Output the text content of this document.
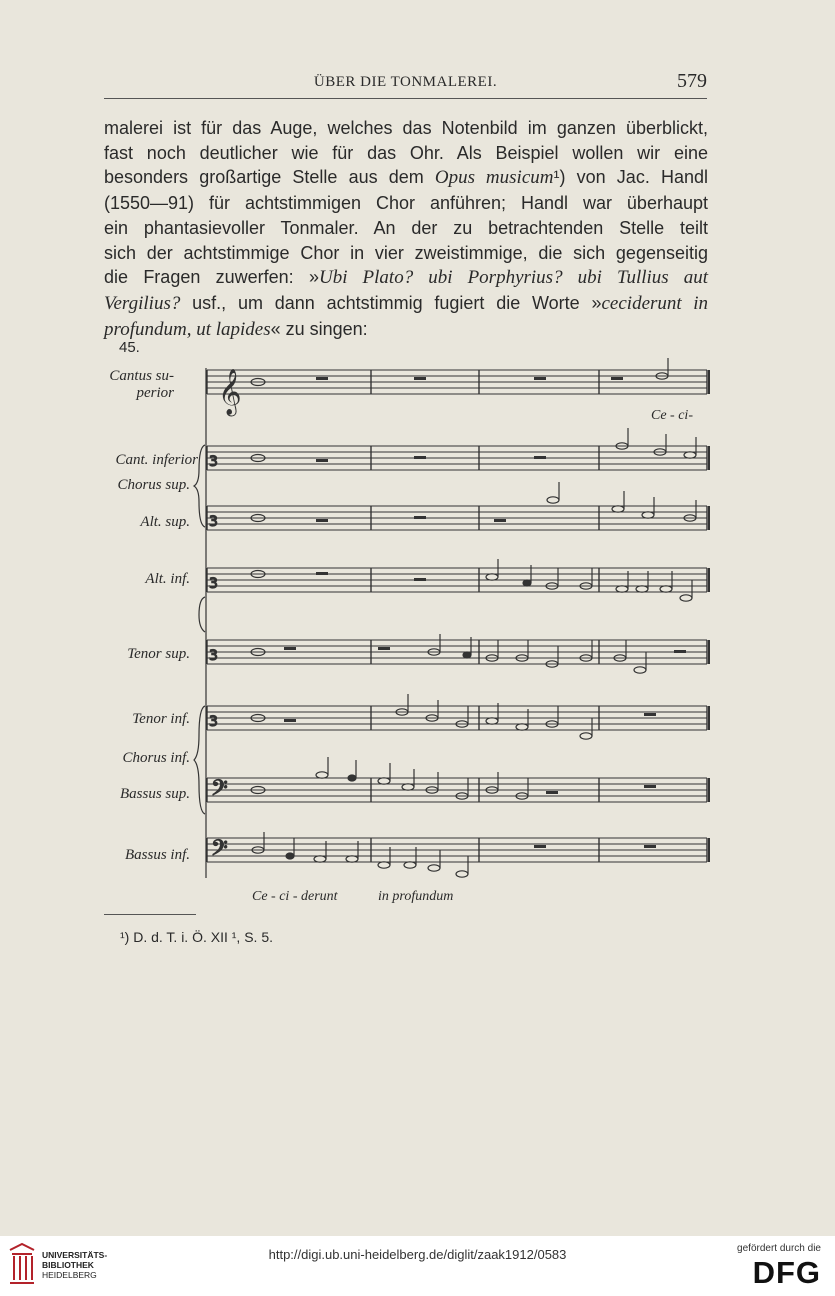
ÜBER DIE TONMALEREI.	579
malerei ist für das Auge, welches das Notenbild im ganzen überblickt,
fast noch deutlicher wie für das Ohr. Als Beispiel wollen wir eine
besonders großartige Stelle aus dem Opus musicum¹) von Jac. Handl
(1550—91) für achtstimmigen Chor anführen; Handl war überhaupt
ein phantasievoller Tonmaler. An der zu betrachtenden Stelle teilt
sich der achtstimmige Chor in vier zweistimmige, die sich gegenseitig
die Fragen zuwerfen: »Ubi Plato? ubi Porphyrius? ubi Tullius aut
Vergilius? usf., um dann achtstimmig fugiert die Worte »ceciderunt in
profundum, ut lapides« zu singen:
45.
Cantus su-
perior
Cant. inferior
Chorus sup.
Alt. sup.
Alt. inf.
Tenor sup.
Tenor inf.
Chorus inf.
Bassus sup.
Bassus inf.
3
3
3
3
3
𝄢
𝄢
𝄞
Ce - ci-
Ce - ci - derunt	in profundum
¹) D. d. T. i. Ö. XII ¹, S. 5.
UNIVERSITÄTS-
BIBLIOTHEK
HEIDELBERG
http://digi.ub.uni-heidelberg.de/diglit/zaak1912/0583	gefördert durch die
DFG
